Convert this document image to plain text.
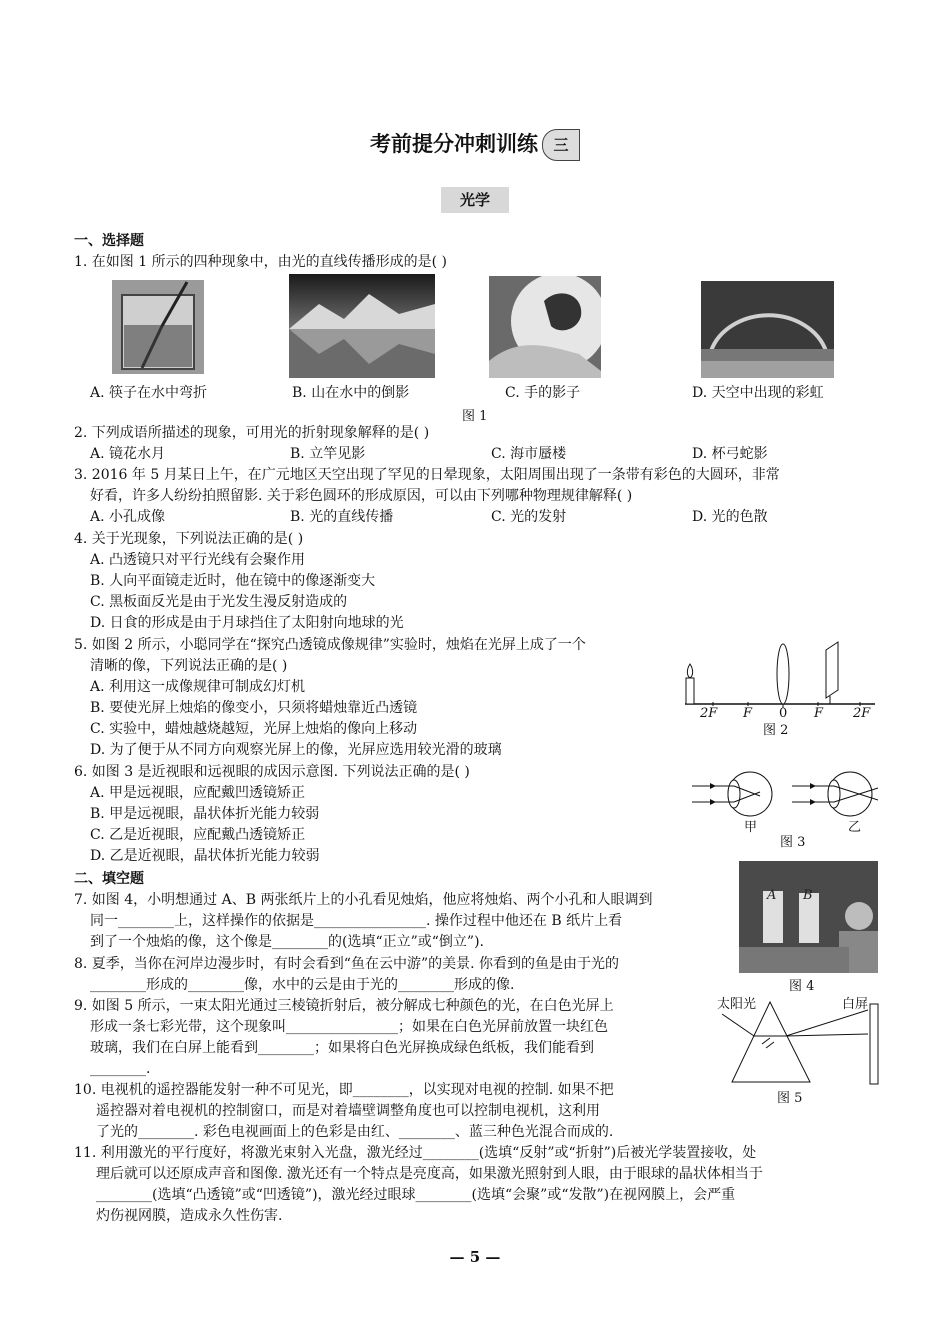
考前提分冲刺训练 三
光学
一、选择题
1. 在如图 1 所示的四种现象中，由光的直线传播形成的是( )
A. 筷子在水中弯折	B. 山在水中的倒影	C. 手的影子	D. 天空中出现的彩虹
图 1
2. 下列成语所描述的现象，可用光的折射现象解释的是( )
A. 镜花水月	B. 立竿见影	C. 海市蜃楼	D. 杯弓蛇影
3. 2016 年 5 月某日上午，在广元地区天空出现了罕见的日晕现象，太阳周围出现了一条带有彩色的大圆环，非常
好看，许多人纷纷拍照留影. 关于彩色圆环的形成原因，可以由下列哪种物理规律解释( )
A. 小孔成像	B. 光的直线传播	C. 光的发射	D. 光的色散
4. 关于光现象，下列说法正确的是( )
A. 凸透镜只对平行光线有会聚作用
B. 人向平面镜走近时，他在镜中的像逐渐变大
C. 黑板面反光是由于光发生漫反射造成的
D. 日食的形成是由于月球挡住了太阳射向地球的光
5. 如图 2 所示，小聪同学在“探究凸透镜成像规律”实验时，烛焰在光屏上成了一个
清晰的像，下列说法正确的是( )
A. 利用这一成像规律可制成幻灯机
B. 要使光屏上烛焰的像变小，只须将蜡烛靠近凸透镜
C. 实验中，蜡烛越烧越短，光屏上烛焰的像向上移动
D. 为了便于从不同方向观察光屏上的像，光屏应选用较光滑的玻璃
2F F 0 F 2F
图 2
6. 如图 3 是近视眼和远视眼的成因示意图. 下列说法正确的是( )
A. 甲是远视眼，应配戴凹透镜矫正
B. 甲是远视眼，晶状体折光能力较弱
C. 乙是近视眼，应配戴凸透镜矫正
D. 乙是近视眼，晶状体折光能力较弱
甲	乙
图 3
二、填空题
7. 如图 4，小明想通过 A、B 两张纸片上的小孔看见烛焰，他应将烛焰、两个小孔和人眼调到
同一________上，这样操作的依据是________________. 操作过程中他还在 B 纸片上看
到了一个烛焰的像，这个像是________的(选填“正立”或“倒立”).
A B
图 4
8. 夏季，当你在河岸边漫步时，有时会看到“鱼在云中游”的美景. 你看到的鱼是由于光的
________形成的________像，水中的云是由于光的________形成的像.
9. 如图 5 所示，一束太阳光通过三棱镜折射后，被分解成七种颜色的光，在白色光屏上
形成一条七彩光带，这个现象叫________________；如果在白色光屏前放置一块红色
玻璃，我们在白屏上能看到________；如果将白色光屏换成绿色纸板，我们能看到
________.
太阳光	白屏
图 5
10. 电视机的遥控器能发射一种不可见光，即________，以实现对电视的控制. 如果不把
遥控器对着电视机的控制窗口，而是对着墙壁调整角度也可以控制电视机，这利用
了光的________. 彩色电视画面上的色彩是由红、________、蓝三种色光混合而成的.
11. 利用激光的平行度好，将激光束射入光盘，激光经过________(选填“反射”或“折射”)后被光学装置接收，处
理后就可以还原成声音和图像. 激光还有一个特点是亮度高，如果激光照射到人眼，由于眼球的晶状体相当于
________(选填“凸透镜”或“凹透镜”)，激光经过眼球________(选填“会聚”或“发散”)在视网膜上，会严重
灼伤视网膜，造成永久性伤害.
— 5 —
